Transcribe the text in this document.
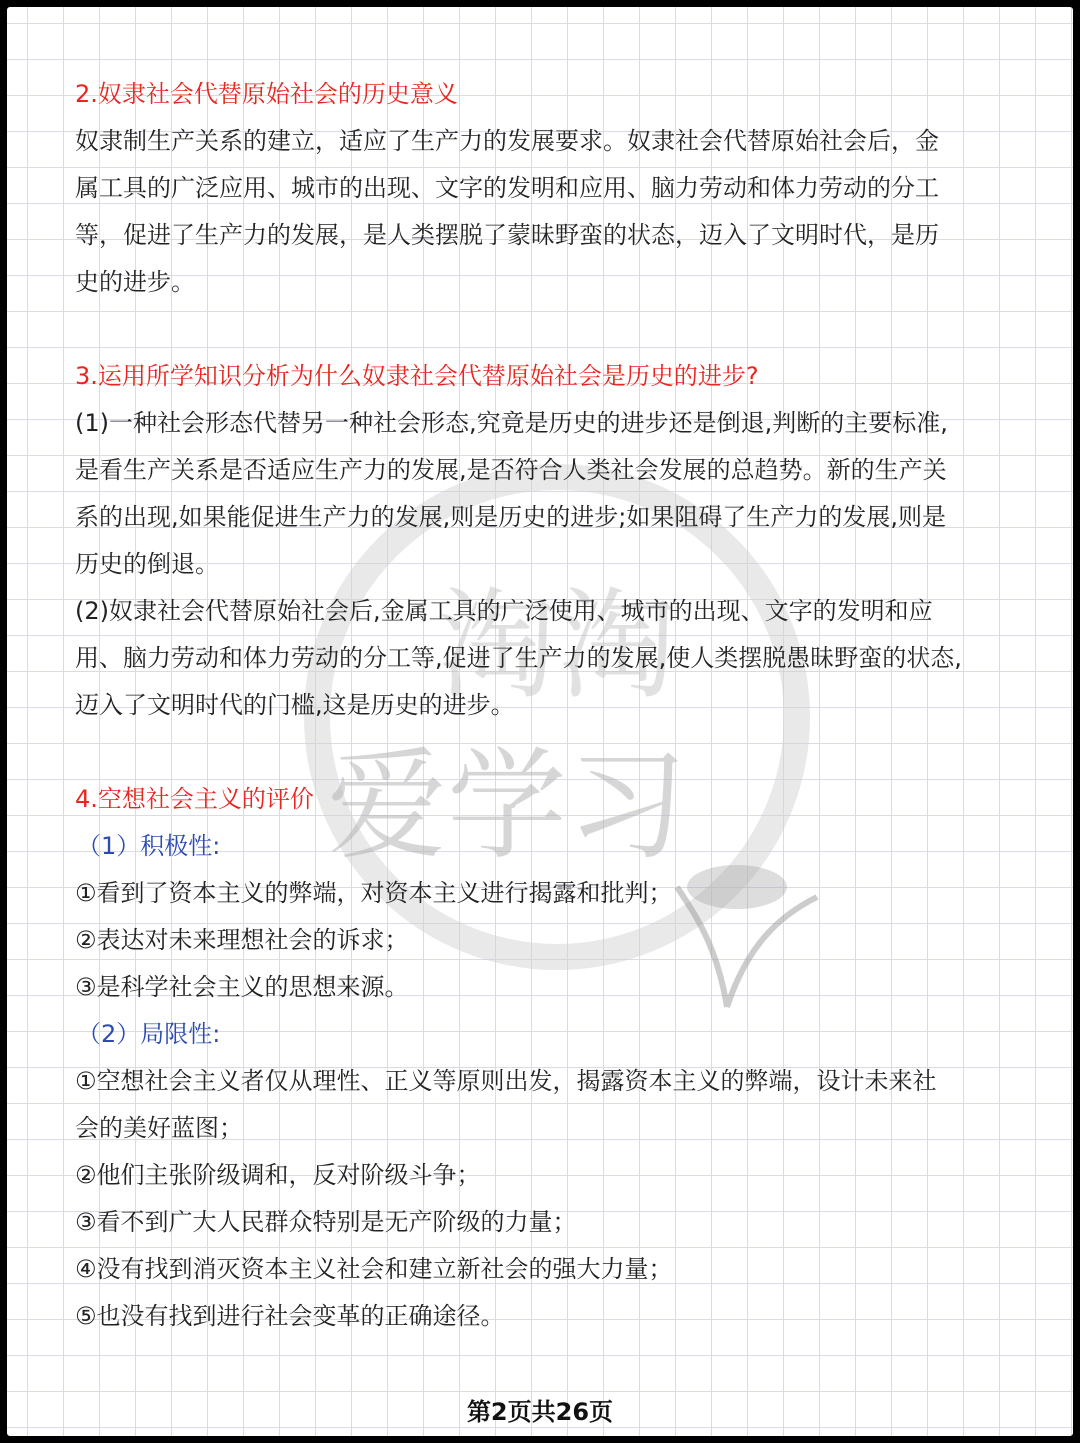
淘淘
爱学习

2.奴隶社会代替原始社会的历史意义

奴隶制生产关系的建立，适应了生产力的发展要求。奴隶社会代替原始社会后，金

属工具的广泛应用、城市的出现、文字的发明和应用、脑力劳动和体力劳动的分工

等，促进了生产力的发展，是人类摆脱了蒙昧野蛮的状态，迈入了文明时代，是历

史的进步。

3.运用所学知识分析为什么奴隶社会代替原始社会是历史的进步?

(1)一种社会形态代替另一种社会形态,究竟是历史的进步还是倒退,判断的主要标准,

是看生产关系是否适应生产力的发展,是否符合人类社会发展的总趋势。新的生产关

系的出现,如果能促进生产力的发展,则是历史的进步;如果阻碍了生产力的发展,则是

历史的倒退。

(2)奴隶社会代替原始社会后,金属工具的广泛使用、城市的出现、文字的发明和应

用、脑力劳动和体力劳动的分工等,促进了生产力的发展,使人类摆脱愚昧野蛮的状态,

迈入了文明时代的门槛,这是历史的进步。

4.空想社会主义的评价

（1）积极性:

①看到了资本主义的弊端，对资本主义进行揭露和批判；

②表达对未来理想社会的诉求；

③是科学社会主义的思想来源。

（2）局限性:

①空想社会主义者仅从理性、正义等原则出发，揭露资本主义的弊端，设计未来社

会的美好蓝图；

②他们主张阶级调和，反对阶级斗争；

③看不到广大人民群众特别是无产阶级的力量；

④没有找到消灭资本主义社会和建立新社会的强大力量；

⑤也没有找到进行社会变革的正确途径。

第2页共26页
